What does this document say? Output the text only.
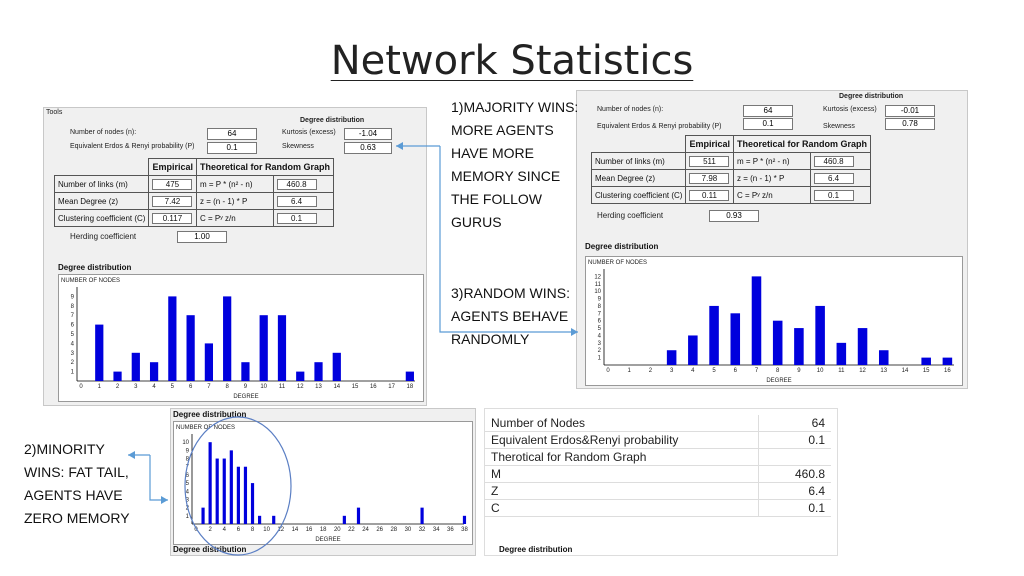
Network Statistics
Tools
Degree distribution
Number of nodes (n):	64	Kurtosis (excess)	-1.04
Equivalent Erdos & Renyi probability (P)	0.1	Skewness	0.63
	Empirical	Theoretical for Random Graph	
Number of links (m)	475	m = P * (n² - n)	460.8
Mean Degree (z)	7.42	z = (n - 1) * P	6.4
Clustering coefficient (C)	0.117	C = Pʸ z/n	0.1
Herding coefficient	1.00
Degree distribution
NUMBER OF NODES
1
2
3
4
5
6
7
8
9
0 1 2 3 4 5 6 7 8 9 10 11 12 13 14 15 16 17 18
DEGREE
Degree distribution
Number of nodes (n):	64	Kurtosis (excess)	-0.01
Equivalent Erdos & Renyi probability (P)	0.1	Skewness	0.78
	Empirical	Theoretical for Random Graph	
Number of links (m)	511	m = P * (n² - n)	460.8
Mean Degree (z)	7.98	z = (n - 1) * P	6.4
Clustering coefficient (C)	0.11	C = Pʸ z/n	0.1
Herding coefficient	0.93
Degree distribution
NUMBER OF NODES
1
2
3
4
5
6
7
8
9
10
11
12
0	1	2	3	4	5	6	7	8	9	10 11 12 13 14 15 16
DEGREE
Degree distribution
NUMBER OF NODES
1
2
3
4
5
6
7
8
9
10
0 2 4 6 8 10 12 14 16 18 20 22 24 26 28 30 32 34 36 38
DEGREE
Degree distribution
Number of Nodes	64
Equivalent Erdos&Renyi probability	0.1
Therotical for Random Graph	
M	460.8
Z	6.4
C	0.1
Degree distribution
1)MAJORITY WINS: MORE AGENTS HAVE MORE MEMORY SINCE THE FOLLOW GURUS
3)RANDOM WINS: AGENTS BEHAVE RANDOMLY
2)MINORITY WINS: FAT TAIL, AGENTS HAVE ZERO MEMORY
